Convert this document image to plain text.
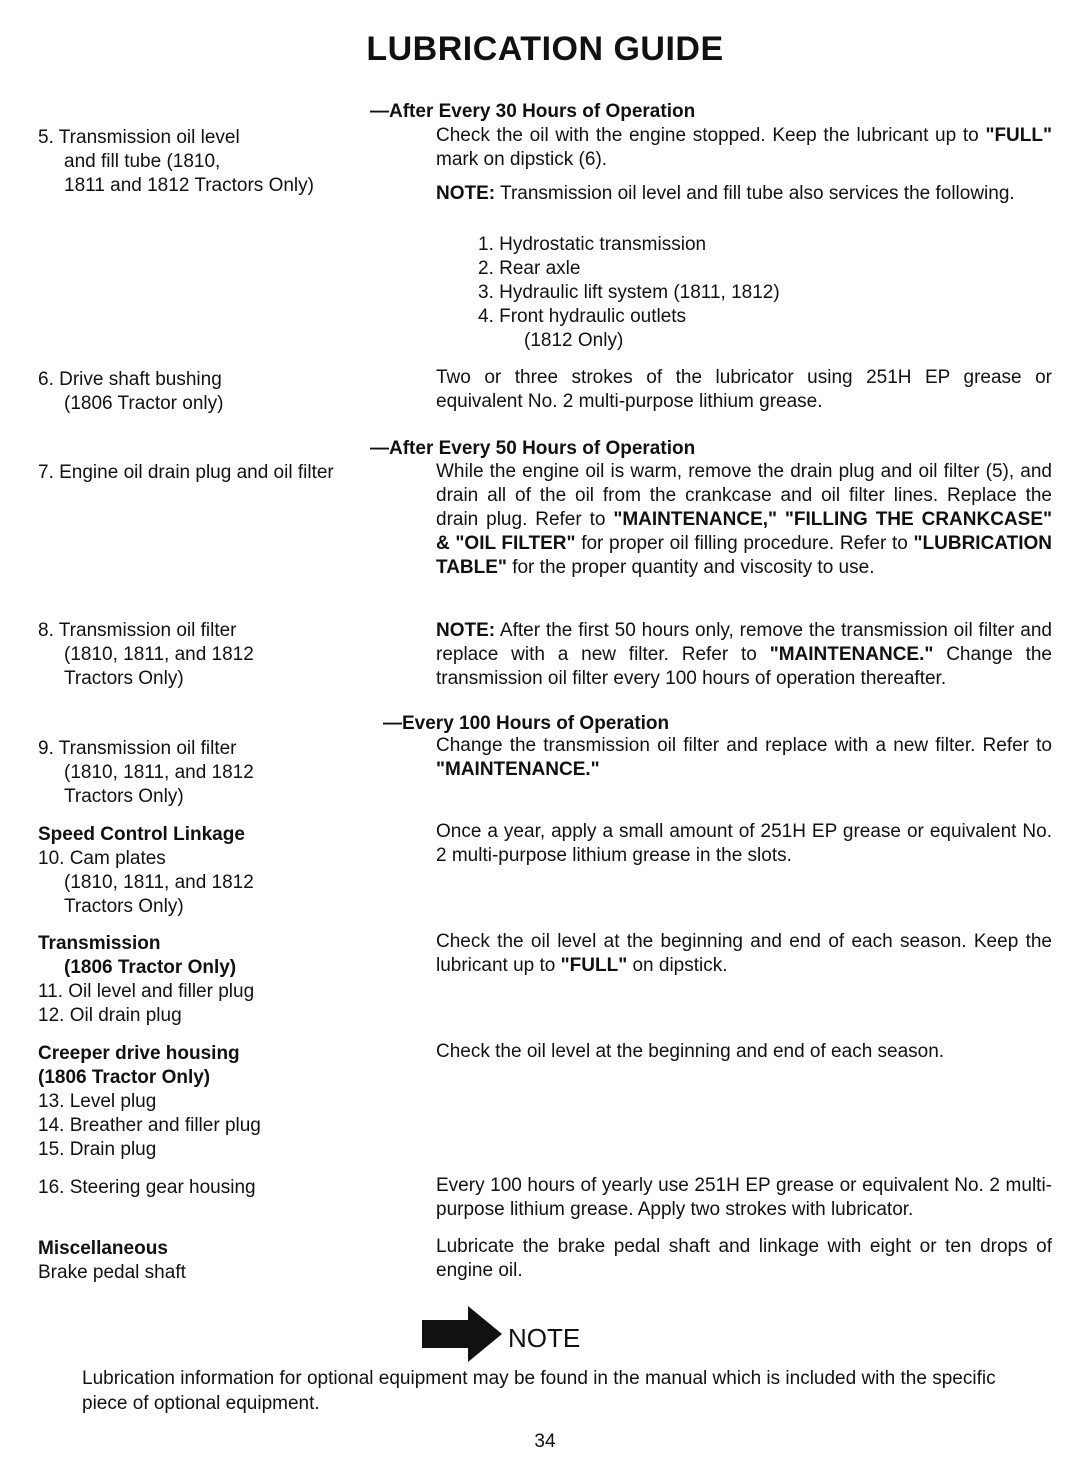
LUBRICATION GUIDE
—After Every 30 Hours of Operation
5. Transmission oil level
and fill tube (1810,
1811 and 1812 Tractors Only)
Check the oil with the engine stopped. Keep the lubricant up to "FULL" mark on dipstick (6).
NOTE: Transmission oil level and fill tube also services the following.
1. Hydrostatic transmission
2. Rear axle
3. Hydraulic lift system (1811, 1812)
4. Front hydraulic outlets
(1812 Only)
6. Drive shaft bushing
(1806 Tractor only)
Two or three strokes of the lubricator using 251H EP grease or equivalent No. 2 multi-purpose lithium grease.
—After Every 50 Hours of Operation
7. Engine oil drain plug and oil filter	While the engine oil is warm, remove the drain plug and oil filter (5), and drain all of the oil from the crankcase and oil filter lines. Replace the drain plug. Refer to "MAINTENANCE," "FILLING THE CRANKCASE" & "OIL FILTER" for proper oil filling procedure. Refer to "LUBRICATION TABLE" for the proper quantity and viscosity to use.
8. Transmission oil filter
(1810, 1811, and 1812
Tractors Only)
NOTE: After the first 50 hours only, remove the transmission oil filter and replace with a new filter. Refer to "MAINTENANCE." Change the transmission oil filter every 100 hours of operation thereafter.
—Every 100 Hours of Operation
9. Transmission oil filter
(1810, 1811, and 1812
Tractors Only)
Change the transmission oil filter and replace with a new filter. Refer to "MAINTENANCE."
Speed Control Linkage
10. Cam plates
(1810, 1811, and 1812
Tractors Only)
Once a year, apply a small amount of 251H EP grease or equivalent No. 2 multi-purpose lithium grease in the slots.
Transmission
(1806 Tractor Only)
11. Oil level and filler plug
12. Oil drain plug
Check the oil level at the beginning and end of each season. Keep the lubricant up to "FULL" on dipstick.
Creeper drive housing
(1806 Tractor Only)
13. Level plug
14. Breather and filler plug
15. Drain plug
Check the oil level at the beginning and end of each season.
16. Steering gear housing	Every 100 hours of yearly use 251H EP grease or equivalent No. 2 multi-purpose lithium grease. Apply two strokes with lubricator.
Miscellaneous
Brake pedal shaft
Lubricate the brake pedal shaft and linkage with eight or ten drops of engine oil.
NOTE
Lubrication information for optional equipment may be found in the manual which is included with the specific piece of optional equipment.
34
